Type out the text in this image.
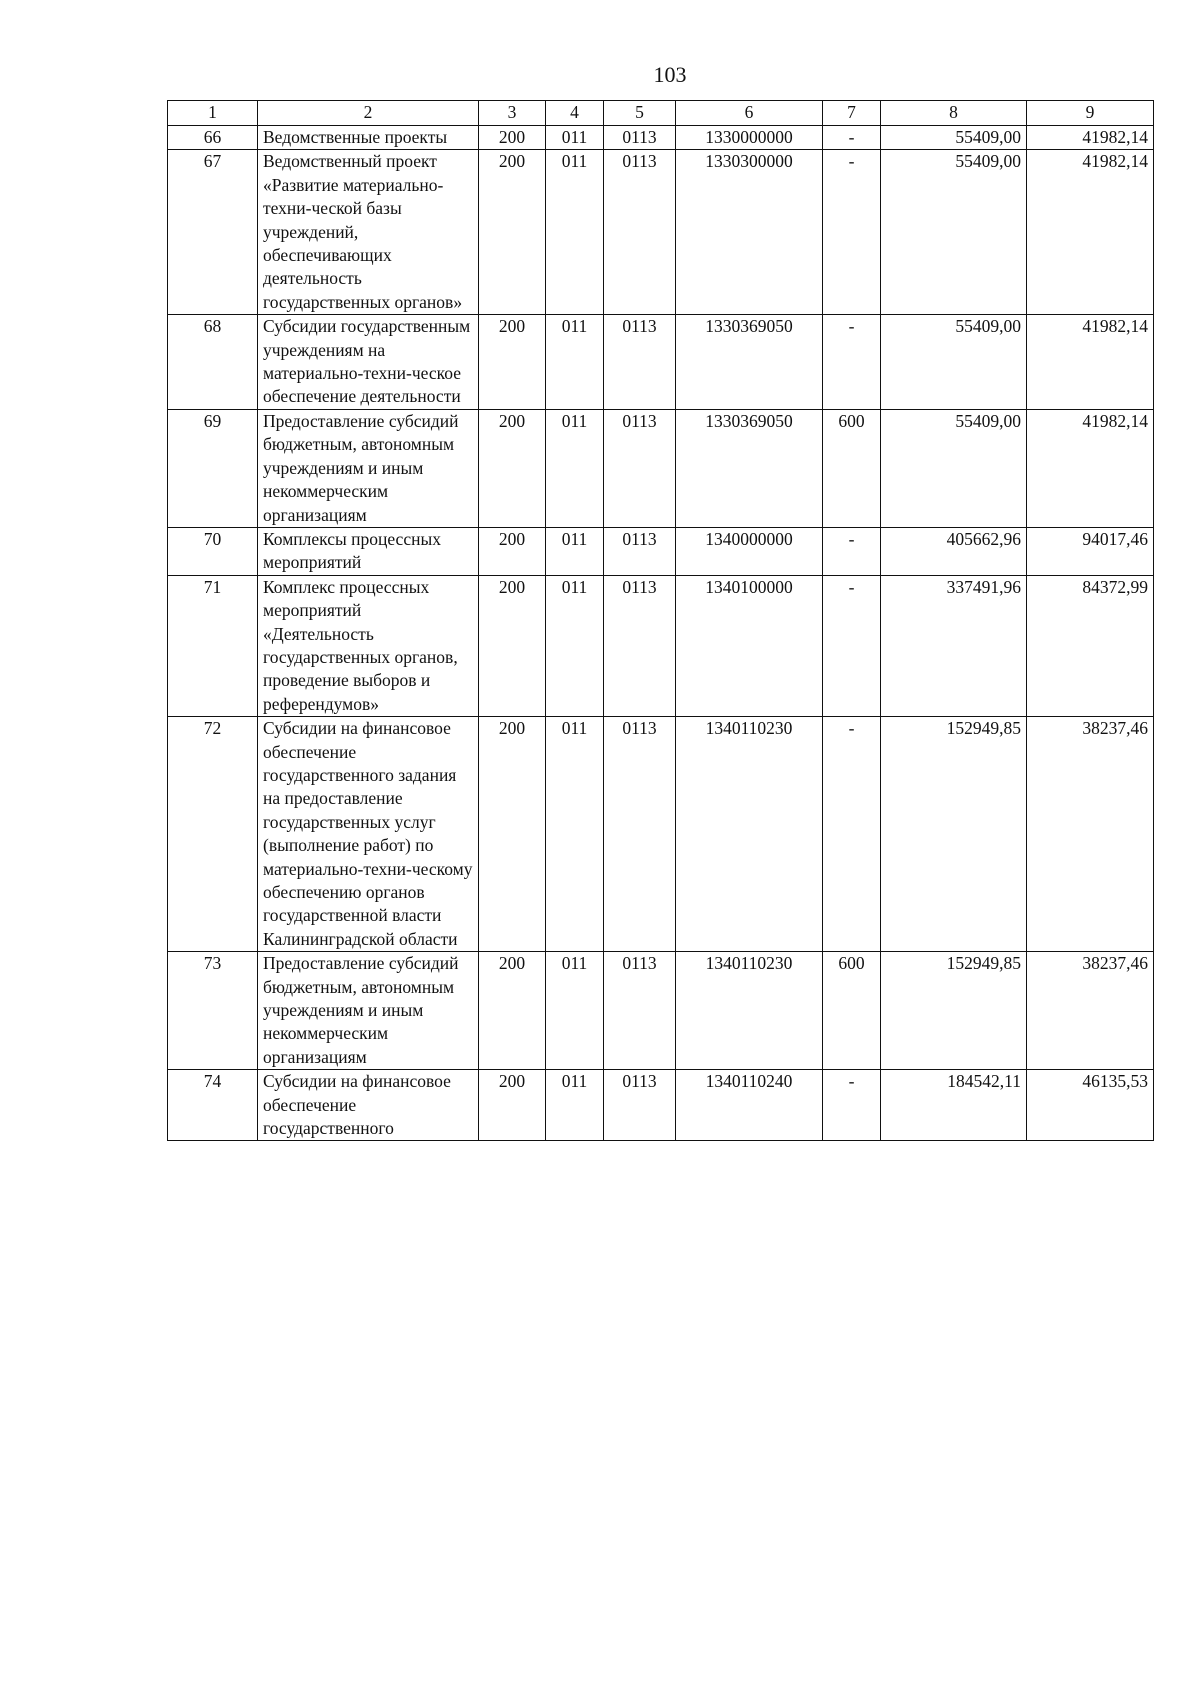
103
1	2	3	4	5	6	7	8	9
66	Ведомственные проекты	200	011	0113	1330000000	-	55409,00	41982,14
67	Ведомственный проект «Развитие материально-техни-ческой базы учреждений, обеспечивающих деятельность государственных органов»	200	011	0113	1330300000	-	55409,00	41982,14
68	Субсидии государственным учреждениям на материально-техни-ческое обеспечение деятельности	200	011	0113	1330369050	-	55409,00	41982,14
69	Предоставление субсидий бюджетным, автономным учреждениям и иным некоммерческим организациям	200	011	0113	1330369050	600	55409,00	41982,14
70	Комплексы процессных мероприятий	200	011	0113	1340000000	-	405662,96	94017,46
71	Комплекс процессных мероприятий «Деятельность государственных органов, проведение выборов и референдумов»	200	011	0113	1340100000	-	337491,96	84372,99
72	Субсидии на финансовое обеспечение государственного задания на предоставление государственных услуг (выполнение работ) по материально-техни-ческому обеспечению органов государственной власти Калининградской области	200	011	0113	1340110230	-	152949,85	38237,46
73	Предоставление субсидий бюджетным, автономным учреждениям и иным некоммерческим организациям	200	011	0113	1340110230	600	152949,85	38237,46
74	Субсидии на финансовое обеспечение государственного	200	011	0113	1340110240	-	184542,11	46135,53
